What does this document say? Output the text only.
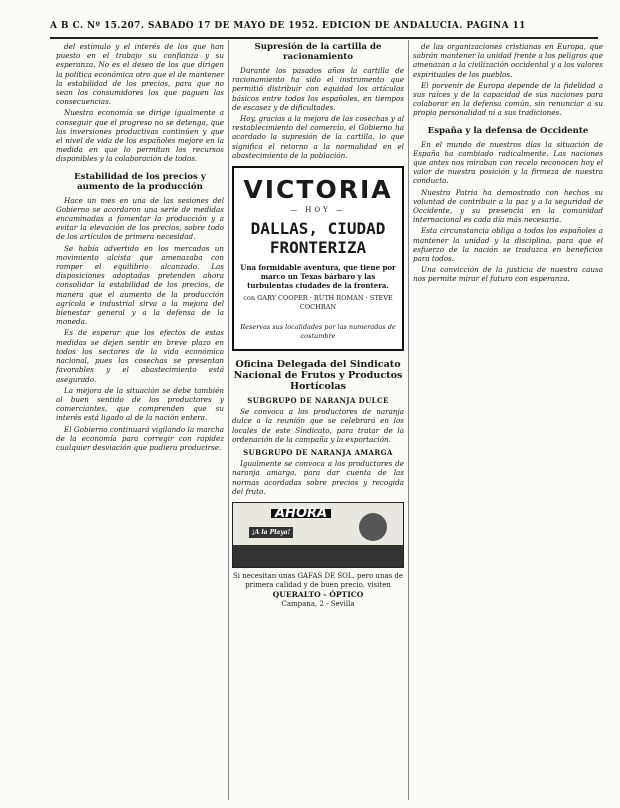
A B C. Nº 15.207. SABADO 17 DE MAYO DE 1952. EDICION DE ANDALUCIA. PAGINA 11

del estímulo y el interés de los que han puesto en el trabajo su confianza y su esperanza. No es el deseo de los que dirigen la política económica otro que el de mantener la estabilidad de los precios, para que no sean los consumidores los que paguen las consecuencias.

Nuestra economía se dirige igualmente a conseguir que el progreso no se detenga, que las inversiones productivas continúen y que el nivel de vida de los españoles mejore en la medida en que lo permitan los recursos disponibles y la colaboración de todos.

Estabilidad de los precios y aumento de la producción

Hace un mes en una de las sesiones del Gobierno se acordaron una serie de medidas encaminadas a fomentar la producción y a evitar la elevación de los precios, sobre todo de los artículos de primera necesidad.

Se había advertido en los mercados un movimiento alcista que amenazaba con romper el equilibrio alcanzado. Las disposiciones adoptadas pretenden ahora consolidar la estabilidad de los precios, de manera que el aumento de la producción agrícola e industrial sirva a la mejora del bienestar general y a la defensa de la moneda.

Es de esperar que los efectos de estas medidas se dejen sentir en breve plazo en todos los sectores de la vida económica nacional, pues las cosechas se presentan favorables y el abastecimiento está asegurado.

La mejora de la situación se debe también al buen sentido de los productores y comerciantes, que comprenden que su interés está ligado al de la nación entera.

El Gobierno continuará vigilando la marcha de la economía para corregir con rapidez cualquier desviación que pudiera producirse.

Supresión de la cartilla de racionamiento

Durante los pasados años la cartilla de racionamiento ha sido el instrumento que permitió distribuir con equidad los artículos básicos entre todos los españoles, en tiempos de escasez y de dificultades.

Hoy, gracias a la mejora de las cosechas y al restablecimiento del comercio, el Gobierno ha acordado la supresión de la cartilla, lo que significa el retorno a la normalidad en el abastecimiento de la población.

VICTORIA
— HOY —
DALLAS, CIUDAD FRONTERIZA
Una formidable aventura, que tiene por marco un Texas bárbaro y las turbulentas ciudades de la frontera.
con GARY COOPER · RUTH ROMAN · STEVE COCHRAN
Reservas sus localidades por las numeradas de costumbre
Oficina Delegada del Sindicato Nacional de Frutos y Productos Hortícolas
SUBGRUPO DE NARANJA DULCE

Se convoca a los productores de naranja dulce a la reunión que se celebrará en los locales de este Sindicato, para tratar de la ordenación de la campaña y la exportación.

SUBGRUPO DE NARANJA AMARGA

Igualmente se convoca a los productores de naranja amarga, para dar cuenta de las normas acordadas sobre precios y recogida del fruto.

AHORA
¡A la Playa!
Si necesitan unas GAFAS DE SOL, pero unas de primera calidad y de buen precio, visiten
QUERALTO - ÓPTICO
Campana, 2 - Sevilla

de las organizaciones cristianas en Europa, que sabrán mantener la unidad frente a los peligros que amenazan a la civilización occidental y a los valores espirituales de los pueblos.

El porvenir de Europa depende de la fidelidad a sus raíces y de la capacidad de sus naciones para colaborar en la defensa común, sin renunciar a su propia personalidad ni a sus tradiciones.

España y la defensa de Occidente

En el mundo de nuestros días la situación de España ha cambiado radicalmente. Las naciones que antes nos miraban con recelo reconocen hoy el valor de nuestra posición y la firmeza de nuestra conducta.

Nuestra Patria ha demostrado con hechos su voluntad de contribuir a la paz y a la seguridad de Occidente, y su presencia en la comunidad internacional es cada día más necesaria.

Esta circunstancia obliga a todos los españoles a mantener la unidad y la disciplina, para que el esfuerzo de la nación se traduzca en beneficios para todos.

Una convicción de la justicia de nuestra causa nos permite mirar el futuro con esperanza.
